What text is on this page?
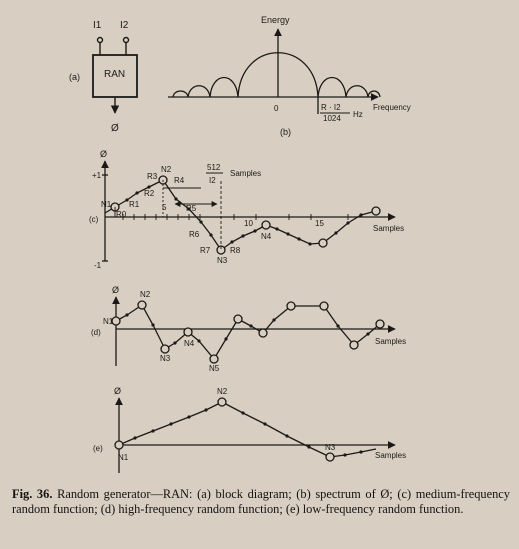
I1 I2
RAN
(a)
Ø
Energy
Frequency
0	R · I2
1024 Hz
(b)
Ø
+1
-1
Samples
(c)
5
10	15
512
I2
Samples
N1
R0
R1
R2
R3
N2
R4
R5
R6
R7
N3
R8
N4
Ø
Samples
(d)
N1
N2
N3
N4
N5
Ø
Samples
(e)
N1
N2
N3
Fig. 36. Random generator—RAN: (a) block diagram; (b) spectrum of Ø; (c) medium-frequency random function; (d) high-frequency random function; (e) low-frequency random function.
